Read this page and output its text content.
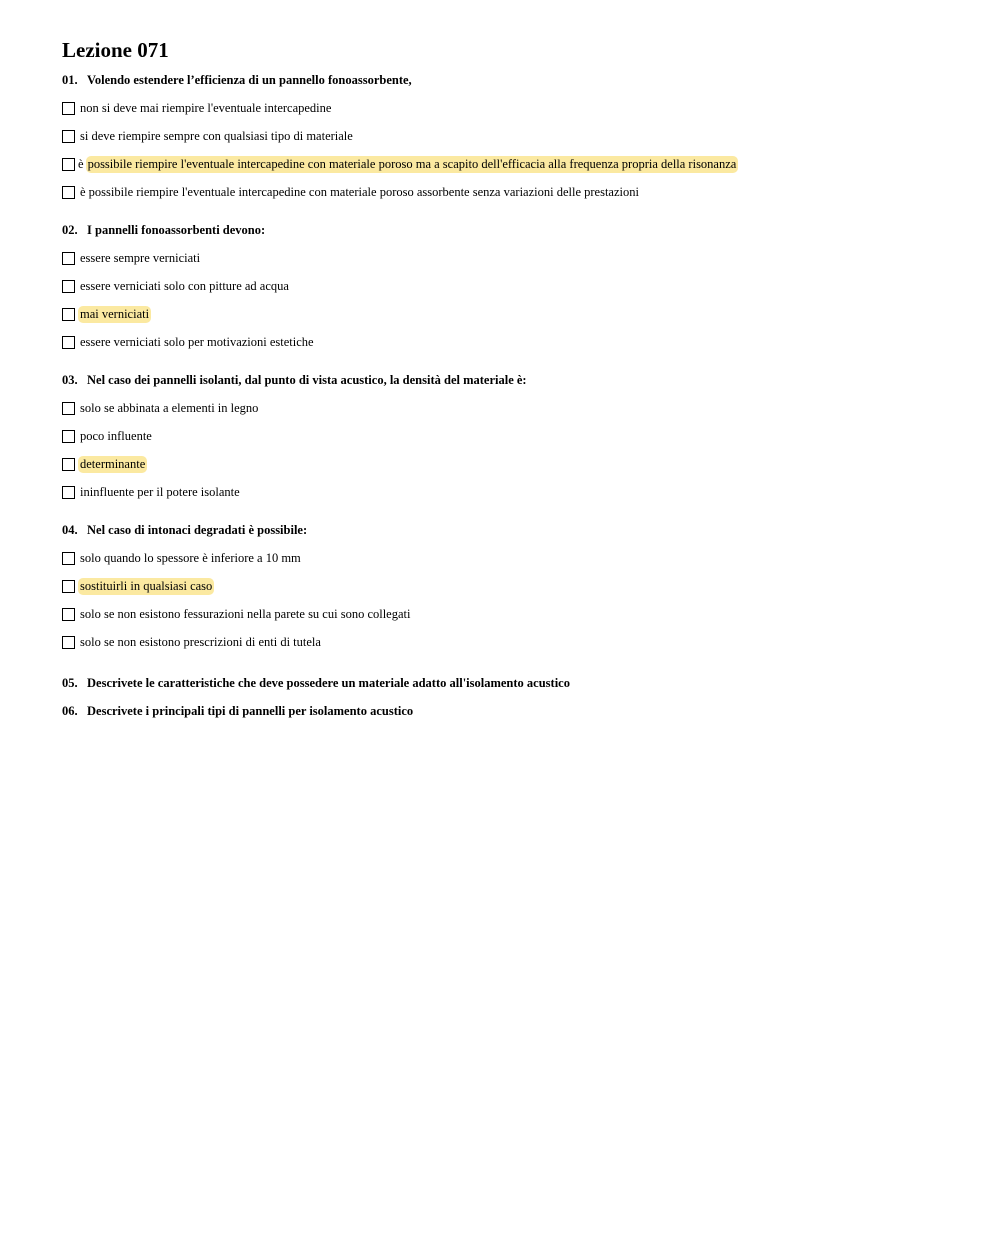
Lezione 071
01. Volendo estendere l’efficienza di un pannello fonoassorbente,
non si deve mai riempire l'eventuale intercapedine
si deve riempire sempre con qualsiasi tipo di materiale
è possibile riempire l'eventuale intercapedine con materiale poroso ma a scapito dell'efficacia alla frequenza propria della risonanza
è possibile riempire l'eventuale intercapedine con materiale poroso assorbente senza variazioni delle prestazioni
02. I pannelli fonoassorbenti devono:
essere sempre verniciati
essere verniciati solo con pitture ad acqua
mai verniciati
essere verniciati solo per motivazioni estetiche
03. Nel caso dei pannelli isolanti, dal punto di vista acustico, la densità del materiale è:
solo se abbinata a elementi in legno
poco influente
determinante
ininfluente per il potere isolante
04. Nel caso di intonaci degradati è possibile:
solo quando lo spessore è inferiore a 10 mm
sostituirli in qualsiasi caso
solo se non esistono fessurazioni nella parete su cui sono collegati
solo se non esistono prescrizioni di enti di tutela
05. Descrivete le caratteristiche che deve possedere un materiale adatto all'isolamento acustico
06. Descrivete i principali tipi di pannelli per isolamento acustico
